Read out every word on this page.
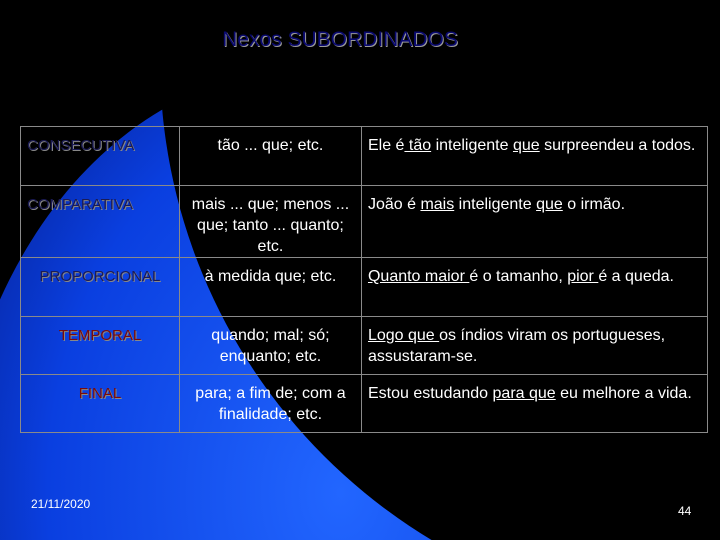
Nexos SUBORDINADOS
CONSECUTIVA	tão ... que; etc.	Ele é tão inteligente que surpreendeu a todos.
COMPARATIVA	mais ... que; menos ... que; tanto ... quanto; etc.	João é mais inteligente que o irmão.
PROPORCIONAL	à medida que; etc.	Quanto maior é o tamanho, pior é a queda.
TEMPORAL	quando; mal; só; enquanto; etc.	Logo que os índios viram os portugueses, assustaram-se.
FINAL	para; a fim de; com a finalidade; etc.	Estou estudando para que eu melhore a vida.
21/11/2020	44
